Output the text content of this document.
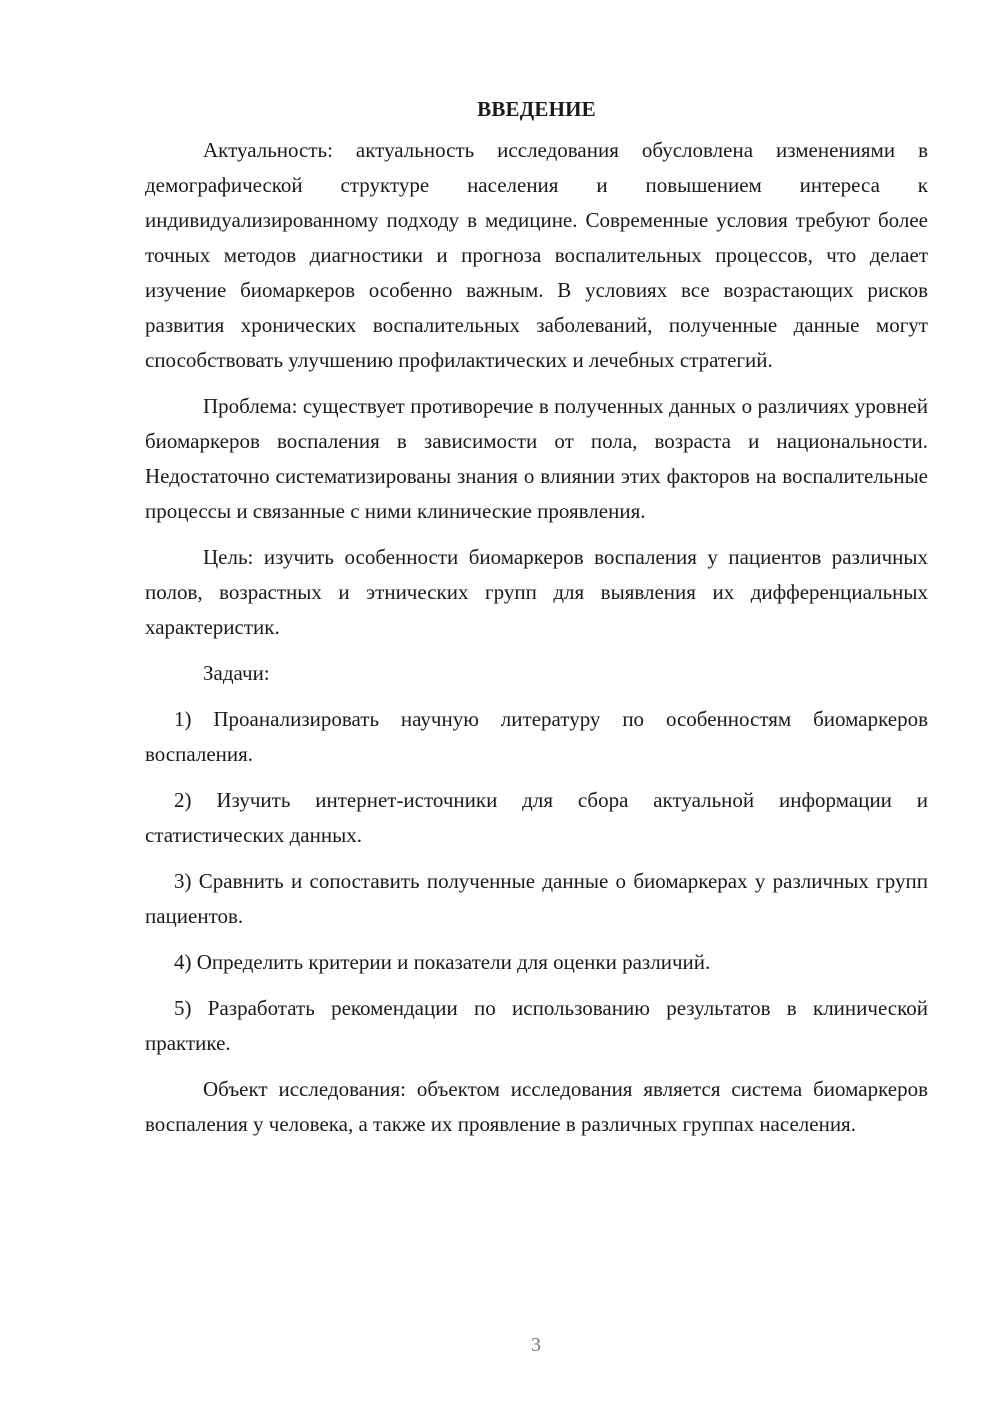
ВВЕДЕНИЕ

Актуальность: актуальность исследования обусловлена изменениями в демографической структуре населения и повышением интереса к индивидуализированному подходу в медицине. Современные условия требуют более точных методов диагностики и прогноза воспалительных процессов, что делает изучение биомаркеров особенно важным. В условиях все возрастающих рисков развития хронических воспалительных заболеваний, полученные данные могут способствовать улучшению профилактических и лечебных стратегий.

Проблема: существует противоречие в полученных данных о различиях уровней биомаркеров воспаления в зависимости от пола, возраста и национальности. Недостаточно систематизированы знания о влиянии этих факторов на воспалительные процессы и связанные с ними клинические проявления.

Цель: изучить особенности биомаркеров воспаления у пациентов различных полов, возрастных и этнических групп для выявления их дифференциальных характеристик.

Задачи:

1) Проанализировать научную литературу по особенностям биомаркеров воспаления.

2) Изучить интернет-источники для сбора актуальной информации и статистических данных.

3) Сравнить и сопоставить полученные данные о биомаркерах у различных групп пациентов.

4) Определить критерии и показатели для оценки различий.

5) Разработать рекомендации по использованию результатов в клинической практике.

Объект исследования: объектом исследования является система биомаркеров воспаления у человека, а также их проявление в различных группах населения.

3
